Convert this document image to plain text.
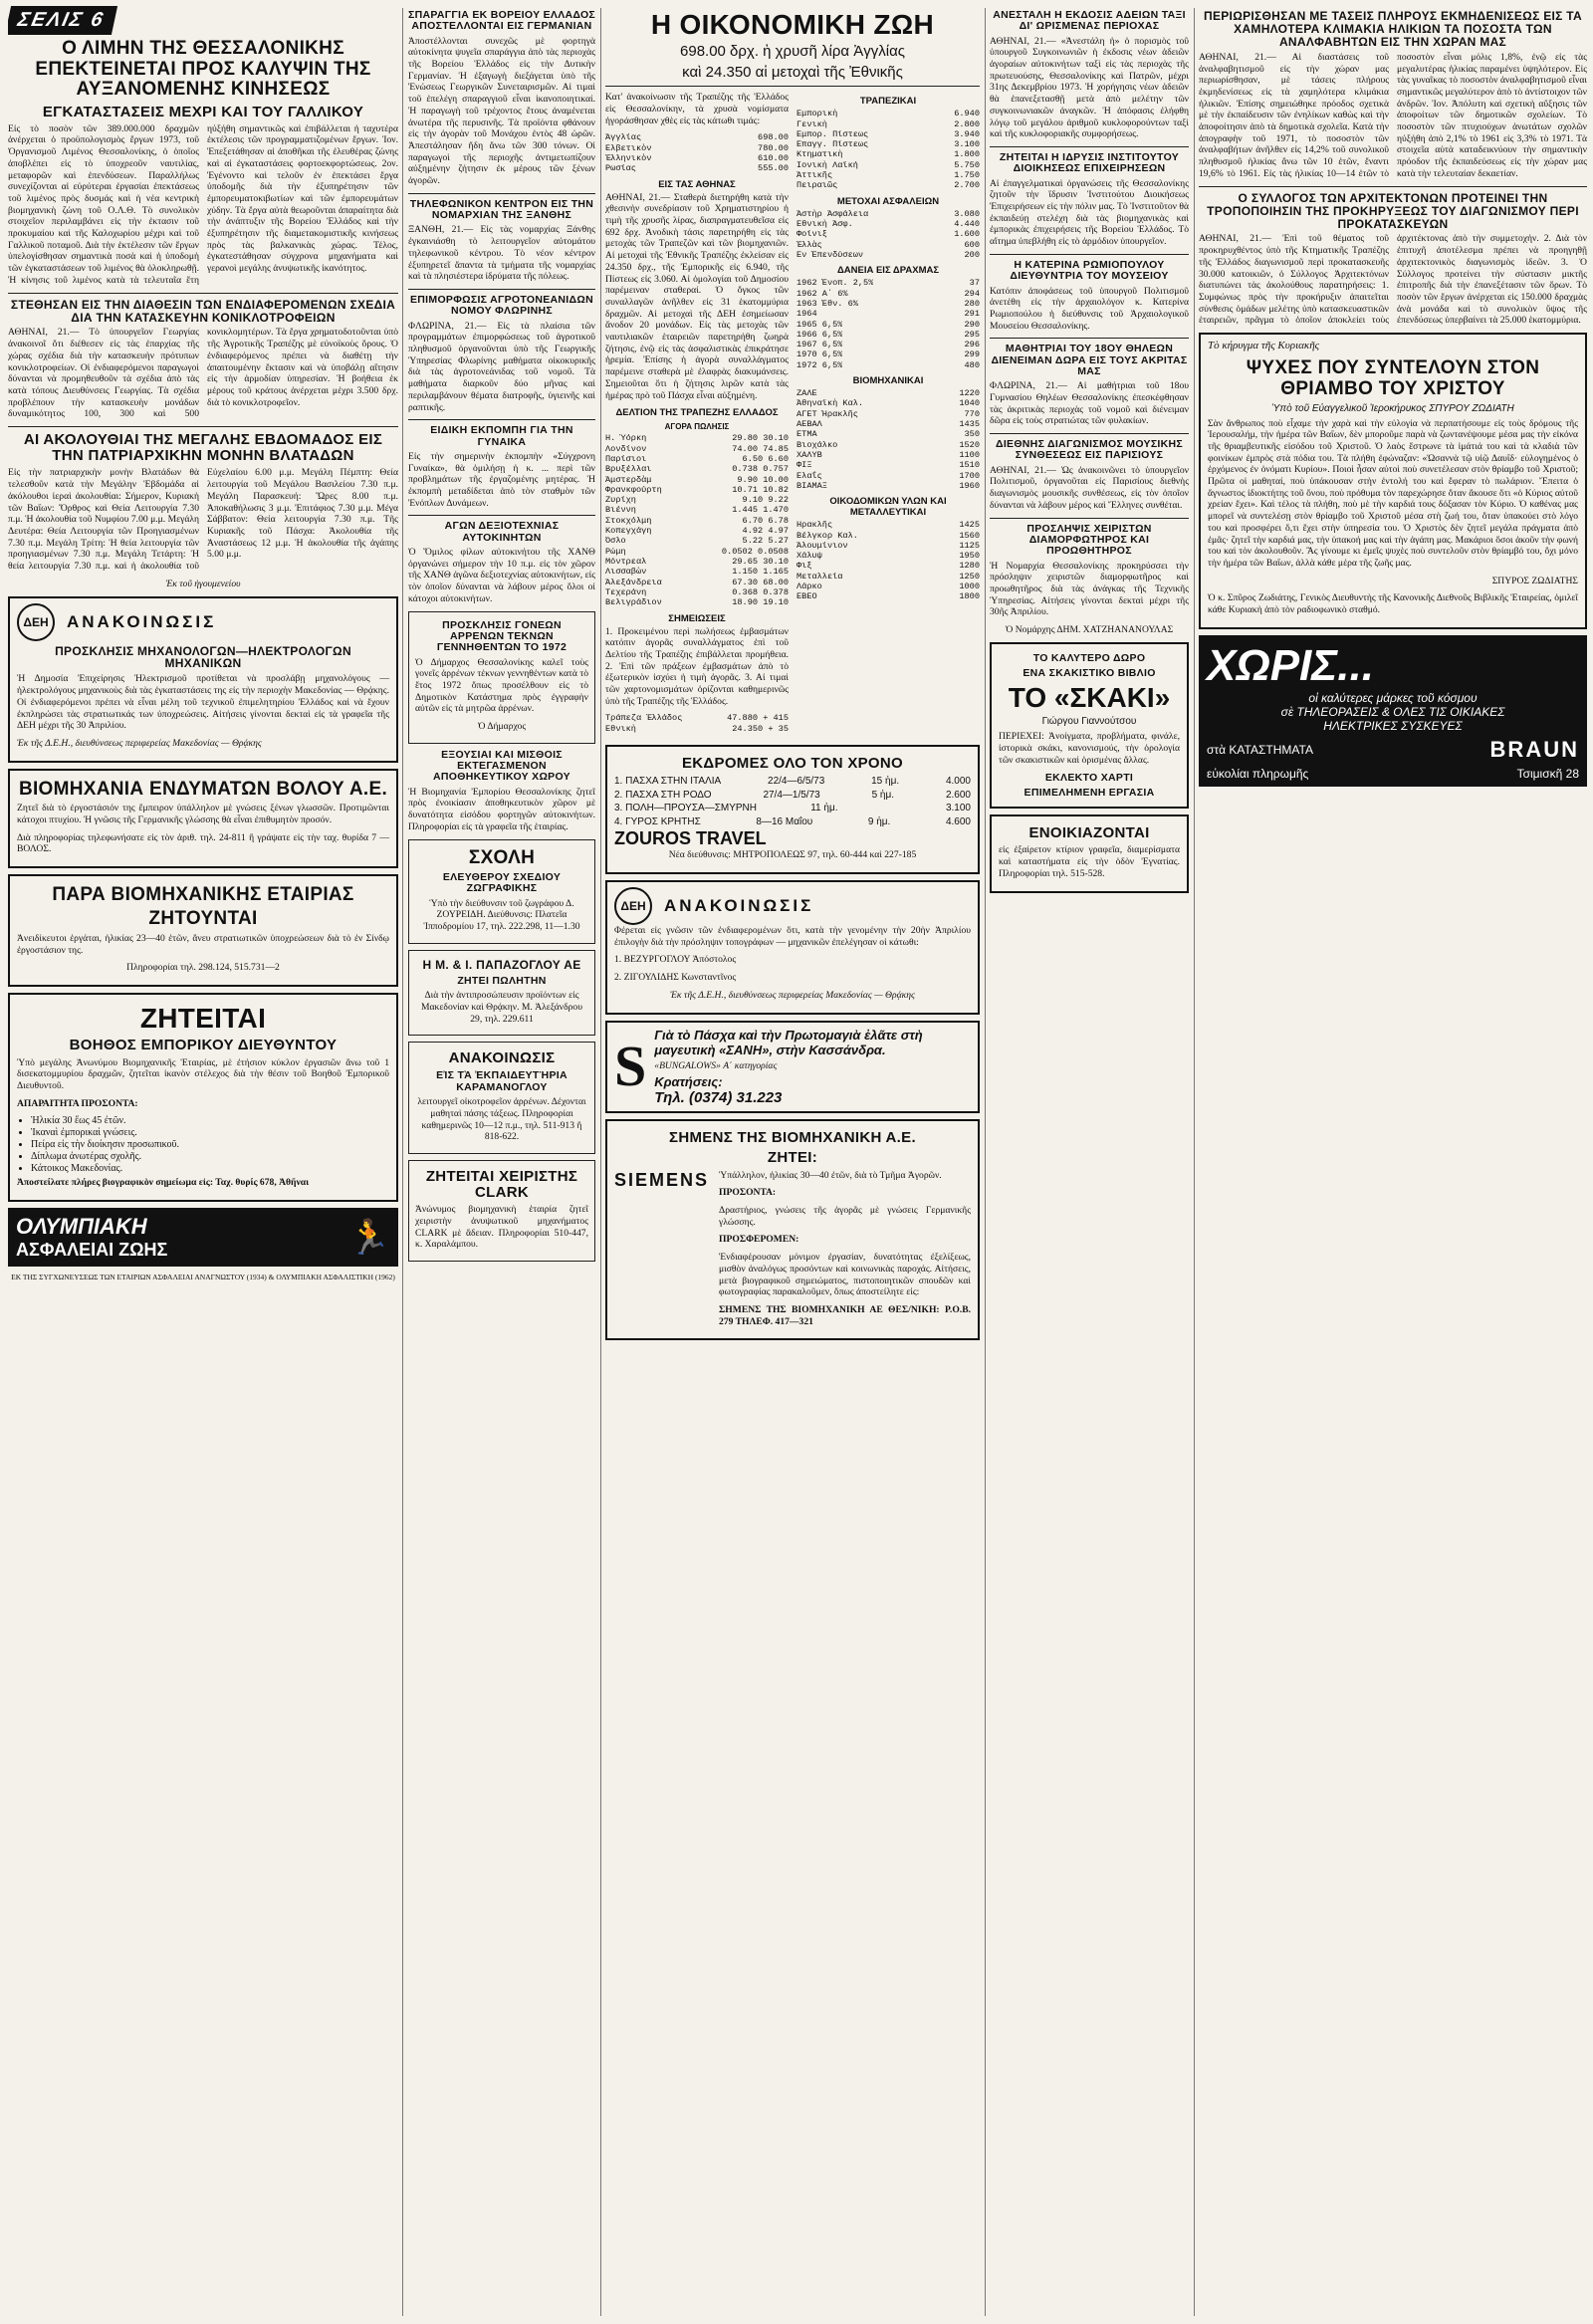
ΣΕΛΙΣ 6
Ο ΛΙΜΗΝ ΤΗΣ ΘΕΣΣΑΛΟΝΙΚΗΣ ΕΠΕΚΤΕΙΝΕΤΑΙ ΠΡΟΣ ΚΑΛΥΨΙΝ ΤΗΣ ΑΥΞΑΝΟΜΕΝΗΣ ΚΙΝΗΣΕΩΣ
ΕΓΚΑΤΑΣΤΑΣΕΙΣ ΜΕΧΡΙ ΚΑΙ ΤΟΥ ΓΑΛΛΙΚΟΥ
Εἰς τὸ ποσὸν τῶν 389.000.000 δραχμῶν ἀνέρχεται ὁ προϋπολογισμὸς ἔργων 1973, τοῦ Ὀργανισμοῦ Λιμένος Θεσσαλονίκης, ὁ ὁποῖος ἀποβλέπει εἰς τὸ ὑποχρεοῦν ναυτιλίας, μεταφορῶν καὶ ἐπενδύσεων. Παραλλήλως συνεχίζονται αἱ εὐρύτεραι ἐργασίαι ἐπεκτάσεως τοῦ λιμένος πρὸς δυσμάς καὶ ἡ νέα κεντρικὴ βιομηχανικὴ ζώνη τοῦ Ο.Λ.Θ. Τὸ συνολικὸν στοιχεῖον περιλαμβάνει εἰς τὴν ἐκτασιν τοῦ προκυμαίου καὶ τῆς Καλοχωρίου μέχρι καὶ τοῦ Γαλλικοῦ ποταμοῦ. Διὰ τὴν ἐκτέλεσιν τῶν ἔργων ὑπελογίσθησαν σημαντικὰ ποσὰ καὶ ἡ ὑποδομὴ τῶν ἐγκαταστάσεων τοῦ λιμένος θὰ ὁλοκληρωθῇ. Ἡ κίνησις τοῦ λιμένος κατὰ τὰ τελευταῖα ἔτη ηὐξήθη σημαντικῶς καὶ ἐπιβάλλεται ἡ ταχυτέρα ἐκτέλεσις τῶν προγραμματιζομένων ἔργων. Ἰον. Ἐπεξετάθησαν αἱ ἀποθῆκαι τῆς ἐλευθέρας ζώνης καὶ αἱ ἐγκαταστάσεις φορτοεκφορτώσεως. 2ον. Ἐγένοντο καὶ τελοῦν ἐν ἐπεκτάσει ἔργα ὑποδομῆς διὰ τὴν ἐξυπηρέτησιν τῶν ἐμπορευματοκιβωτίων καὶ τῶν ἐμπορευμάτων χύδην. Τὰ ἔργα αὐτὰ θεωροῦνται ἀπαραίτητα διὰ τὴν ἀνάπτυξιν τῆς Βορείου Ἑλλάδος καὶ τὴν ἐξυπηρέτησιν τῆς διαμετακομιστικῆς κινήσεως πρὸς τὰς βαλκανικὰς χώρας. Τέλος, ἐγκατεστάθησαν σύγχρονα μηχανήματα καὶ γερανοὶ μεγάλης ἀνυψωτικῆς ἱκανότητος.
ΣΤΕΘΗΣΑΝ ΕΙΣ ΤΗΝ ΔΙΑΘΕΣΙΝ ΤΩΝ ΕΝΔΙΑΦΕΡΟΜΕΝΩΝ ΣΧΕΔΙΑ ΔΙΑ ΤΗΝ ΚΑΤΑΣΚΕΥΗΝ ΚΟΝΙΚΛΟΤΡΟΦΕΙΩΝ
ΑΘΗΝΑΙ, 21.— Τὸ ὑπουργεῖον Γεωργίας ἀνακοινοῖ ὅτι διέθεσεν εἰς τὰς ἐπαρχίας τῆς χώρας σχέδια διὰ τὴν κατασκευὴν πρότυπων κονικλοτροφείων. Οἱ ἐνδιαφερόμενοι παραγωγοὶ δύνανται νὰ προμηθευθοῦν τὰ σχέδια ἀπὸ τὰς κατὰ τόπους Διευθύνσεις Γεωργίας. Τὰ σχέδια προβλέπουν τὴν κατασκευὴν μονάδων δυναμικότητος 100, 300 καὶ 500 κονικλομητέρων. Τὰ ἔργα χρηματοδοτοῦνται ὑπὸ τῆς Ἀγροτικῆς Τραπέζης μὲ εὐνοϊκοὺς ὅρους. Ὁ ἐνδιαφερόμενος πρέπει νὰ διαθέτῃ τὴν ἀπαιτουμένην ἔκτασιν καὶ νὰ ὑποβάλῃ αἴτησιν εἰς τὴν ἁρμοδίαν ὑπηρεσίαν. Ἡ βοήθεια ἐκ μέρους τοῦ κράτους ἀνέρχεται μέχρι 3.500 δρχ. διὰ τὸ κονικλοτροφεῖον.
ΑΙ ΑΚΟΛΟΥΘΙΑΙ ΤΗΣ ΜΕΓΑΛΗΣ ΕΒΔΟΜΑΔΟΣ ΕΙΣ ΤΗΝ ΠΑΤΡΙΑΡΧΙΚΗΝ ΜΟΝΗΝ ΒΛΑΤΑΔΩΝ
Εἰς τὴν πατριαρχικὴν μονὴν Βλατάδων θὰ τελεσθοῦν κατὰ τὴν Μεγάλην Ἑβδομάδα αἱ ἀκόλουθοι ἱεραὶ ἀκολουθίαι: Σήμερον, Κυριακὴ τῶν Βαΐων: Ὄρθρος καὶ Θεία Λειτουργία 7.30 π.μ. Ἡ ἀκολουθία τοῦ Νυμφίου 7.00 μ.μ. Μεγάλη Δευτέρα: Θεία Λειτουργία τῶν Προηγιασμένων 7.30 π.μ. Μεγάλη Τρίτη: Ἡ θεία λειτουργία τῶν προηγιασμένων 7.30 π.μ. Μεγάλη Τετάρτη: Ἡ θεία λειτουργία 7.30 π.μ. καὶ ἡ ἀκολουθία τοῦ Εὐχελαίου 6.00 μ.μ. Μεγάλη Πέμπτη: Θεία λειτουργία τοῦ Μεγάλου Βασιλείου 7.30 π.μ. Μεγάλη Παρασκευή: Ὥρες 8.00 π.μ. Ἀποκαθήλωσις 3 μ.μ. Ἐπιτάφιος 7.30 μ.μ. Μέγα Σάββατον: Θεία λειτουργία 7.30 π.μ. Τῆς Κυριακῆς τοῦ Πάσχα: Ἀκολουθία τῆς Ἀναστάσεως 12 μ.μ. Ἡ ἀκολουθία τῆς ἀγάπης 5.00 μ.μ.
Ἐκ τοῦ ἡγουμενείου
ΔΕΗ	ΑΝΑΚΟΙΝΩΣΙΣ
ΠΡΟΣΚΛΗΣΙΣ ΜΗΧΑΝΟΛΟΓΩΝ—ΗΛΕΚΤΡΟΛΟΓΩΝ ΜΗΧΑΝΙΚΩΝ
Ἡ Δημοσία Ἐπιχείρησις Ἠλεκτρισμοῦ προτίθεται νὰ προσλάβῃ μηχανολόγους — ἠλεκτρολόγους μηχανικοὺς διὰ τὰς ἐγκαταστάσεις της εἰς τὴν περιοχὴν Μακεδονίας — Θρᾴκης. Οἱ ἐνδιαφερόμενοι πρέπει νὰ εἶναι μέλη τοῦ τεχνικοῦ ἐπιμελητηρίου Ἑλλάδος καὶ νὰ ἔχουν ἐκπληρώσει τὰς στρατιωτικάς των ὑποχρεώσεις. Αἰτήσεις γίνονται δεκταὶ εἰς τὰ γραφεῖα τῆς ΔΕΗ μέχρι τῆς 30 Ἀπριλίου.
Ἐκ τῆς Δ.Ε.Η., διευθύνσεως περιφερείας Μακεδονίας — Θρᾴκης
ΒΙΟΜΗΧΑΝΙΑ ΕΝΔΥΜΑΤΩΝ ΒΟΛΟΥ Α.Ε.
Ζητεῖ διὰ τὸ ἐργοστάσιόν της ἔμπειρον ὑπάλληλον μὲ γνώσεις ξένων γλωσσῶν. Προτιμῶνται κάτοχοι πτυχίου. Ἡ γνῶσις τῆς Γερμανικῆς γλώσσης θὰ εἶναι ἐπιθυμητὸν προσόν.
Διὰ πληροφορίας τηλεφωνήσατε εἰς τὸν ἀριθ. τηλ. 24-811 ἢ γράψατε εἰς τὴν ταχ. θυρίδα 7 — ΒΟΛΟΣ.
ΠΑΡΑ ΒΙΟΜΗΧΑΝΙΚΗΣ ΕΤΑΙΡΙΑΣ
ΖΗΤΟΥΝΤΑΙ
Ἀνειδίκευτοι ἐργάται, ἡλικίας 23—40 ἐτῶν, ἄνευ στρατιωτικῶν ὑποχρεώσεων διὰ τὸ ἐν Σίνδῳ ἐργοστάσιον της.
Πληροφορίαι τηλ. 298.124, 515.731—2
ΖΗΤΕΙΤΑΙ
ΒΟΗΘΟΣ ΕΜΠΟΡΙΚΟΥ ΔΙΕΥΘΥΝΤΟΥ
Ὑπὸ μεγάλης Ἀνωνύμου Βιομηχανικῆς Ἑταιρίας, μὲ ἐτήσιον κύκλον ἐργασιῶν ἄνω τοῦ 1 δισεκατομμυρίου δραχμῶν, ζητεῖται ἱκανὸν στέλεχος διὰ τὴν θέσιν τοῦ Βοηθοῦ Ἐμπορικοῦ Διευθυντοῦ.
ΑΠΑΡΑΙΤΗΤΑ ΠΡΟΣΟΝΤΑ:
• Ἡλικία 30 ἕως 45 ἐτῶν.
• Ἱκαναὶ ἐμπορικαὶ γνώσεις.
• Πείρα εἰς τὴν διοίκησιν προσωπικοῦ.
• Δίπλωμα ἀνωτέρας σχολῆς.
• Κάτοικος Μακεδονίας.
Ἀποστείλατε πλήρες βιογραφικὸν σημείωμα εἰς: Ταχ. θυρίς 678, Ἀθῆναι
ΟΛΥΜΠΙΑΚΗ
ΑΣΦΑΛΕΙΑΙ ΖΩΗΣ	🏃
ΕΚ ΤΗΣ ΣΥΓΧΩΝΕΥΣΕΩΣ ΤΩΝ ΕΤΑΙΡΙΩΝ ΑΣΦΑΛΕΙΑΙ ΑΝΑΓΝΩΣΤΟΥ (1934) & ΟΛΥΜΠΙΑΚΗ ΑΣΦΑΛΙΣΤΙΚΗ (1962)
ΣΠΑΡΑΓΓΙΑ ΕΚ ΒΟΡΕΙΟΥ ΕΛΛΑΔΟΣ ΑΠΟΣΤΕΛΛΟΝΤΑΙ ΕΙΣ ΓΕΡΜΑΝΙΑΝ
Ἀποστέλλονται συνεχῶς μὲ φορτηγὰ αὐτοκίνητα ψυγεῖα σπαράγγια ἀπὸ τὰς περιοχὰς τῆς Βορείου Ἑλλάδος εἰς τὴν Δυτικὴν Γερμανίαν. Ἡ ἐξαγωγὴ διεξάγεται ὑπὸ τῆς Ἑνώσεως Γεωργικῶν Συνεταιρισμῶν. Αἱ τιμαὶ τοῦ ἐπελέγη σπαραγγιοῦ εἶναι ἱκανοποιητικαί. Ἡ παραγωγὴ τοῦ τρέχοντος ἔτους ἀναμένεται ἀνωτέρα τῆς περυσινῆς. Τὰ προϊόντα φθάνουν εἰς τὴν ἀγορὰν τοῦ Μονάχου ἐντὸς 48 ὡρῶν. Ἀπεστάλησαν ἤδη ἄνω τῶν 300 τόνων. Οἱ παραγωγοὶ τῆς περιοχῆς ἀντιμετωπίζουν αὐξημένην ζήτησιν ἐκ μέρους τῶν ξένων ἀγορῶν.
ΤΗΛΕΦΩΝΙΚΟΝ ΚΕΝΤΡΟΝ ΕΙΣ ΤΗΝ ΝΟΜΑΡΧΙΑΝ ΤΗΣ ΞΑΝΘΗΣ
ΞΑΝΘΗ, 21.— Εἰς τὰς νομαρχίας Ξάνθης ἐγκαινιάσθη τὸ λειτουργεῖον αὐτομάτου τηλεφωνικοῦ κέντρου. Τὸ νέον κέντρον ἐξυπηρετεῖ ἅπαντα τὰ τμήματα τῆς νομαρχίας καὶ τὰ πλησιέστερα ἰδρύματα τῆς πόλεως.
ΕΠΙΜΟΡΦΩΣΙΣ ΑΓΡΟΤΟΝΕΑΝΙΔΩΝ ΝΟΜΟΥ ΦΛΩΡΙΝΗΣ
ΦΛΩΡΙΝΑ, 21.— Εἰς τὰ πλαίσια τῶν προγραμμάτων ἐπιμορφώσεως τοῦ ἀγροτικοῦ πληθυσμοῦ ὀργανοῦνται ὑπὸ τῆς Γεωργικῆς Ὑπηρεσίας Φλωρίνης μαθήματα οἰκοκυρικῆς διὰ τὰς ἀγροτονεάνιδας τοῦ νομοῦ. Τὰ μαθήματα διαρκοῦν δύο μῆνας καὶ περιλαμβάνουν θέματα διατροφῆς, ὑγιεινῆς καὶ ραπτικῆς.
ΕΙΔΙΚΗ ΕΚΠΟΜΠΗ ΓΙΑ ΤΗΝ ΓΥΝΑΙΚΑ
Εἰς τὴν σημερινὴν ἐκπομπὴν «Σύγχρονη Γυναίκα», θὰ ὁμιλήσῃ ἡ κ. ... περὶ τῶν προβλημάτων τῆς ἐργαζομένης μητέρας. Ἡ ἐκπομπὴ μεταδίδεται ἀπὸ τὸν σταθμὸν τῶν Ἐνόπλων Δυνάμεων.
ΑΓΩΝ ΔΕΞΙΟΤΕΧΝΙΑΣ ΑΥΤΟΚΙΝΗΤΩΝ
Ὁ Ὅμιλος φίλων αὐτοκινήτου τῆς ΧΑΝΘ ὀργανώνει σήμερον τὴν 10 π.μ. εἰς τὸν χῶρον τῆς ΧΑΝΘ ἀγῶνα δεξιοτεχνίας αὐτοκινήτων, εἰς τὸν ὁποῖον δύνανται νὰ λάβουν μέρος ὅλοι οἱ κάτοχοι αὐτοκινήτων.
ΠΡΟΣΚΛΗΣΙΣ ΓΟΝΕΩΝ ΑΡΡΕΝΩΝ ΤΕΚΝΩΝ ΓΕΝΝΗΘΕΝΤΩΝ ΤΟ 1972
Ὁ Δήμαρχος Θεσσαλονίκης καλεῖ τοὺς γονεῖς ἀρρένων τέκνων γεννηθέντων κατὰ τὸ ἔτος 1972 ὅπως προσέλθουν εἰς τὸ Δημοτικὸν Κατάστημα πρὸς ἐγγραφὴν αὐτῶν εἰς τὰ μητρῶα ἀρρένων.
Ὁ Δήμαρχος
ΕΞΟΥΣΙΑΙ ΚΑΙ ΜΙΣΘΟΙΣ ΕΚΤΕΓΑΣΜΕΝΟΝ ΑΠΟΘΗΚΕΥΤΙΚΟΥ ΧΩΡΟΥ
Ἡ Βιομηχανία Ἐμπορίου Θεσσαλονίκης ζητεῖ πρὸς ἐνοικίασιν ἀποθηκευτικὸν χῶρον μὲ δυνατότητα εἰσόδου φορτηγῶν αὐτοκινήτων. Πληροφορίαι εἰς τὰ γραφεῖα τῆς ἑταιρίας.
ΣΧΟΛΗ
ΕΛΕΥΘΕΡΟΥ ΣΧΕΔΙΟΥ ΖΩΓΡΑΦΙΚΗΣ
Ὑπὸ τὴν διεύθυνσιν τοῦ ζωγράφου Δ. ΖΟΥΡΕΙΔΗ. Διεύθυνσις: Πλατεῖα Ἱπποδρομίου 17, τηλ. 222.298, 11—1.30
Η Μ. & Ι. ΠΑΠΑΖΟΓΛΟΥ ΑΕ
ΖΗΤΕΙ ΠΩΛΗΤΗΝ
Διὰ τὴν ἀντιπροσώπευσιν προϊόντων εἰς Μακεδονίαν καὶ Θρᾴκην. Μ. Ἀλεξάνδρου 29, τηλ. 229.611
ΑΝΑΚΟΙΝΩΣΙΣ
ΕἸΣ ΤᾺ ἘΚΠΑΙΔΕΥΤΉΡΙΑ ΚΑΡΑΜΑΝΟΓΛΟΥ
λειτουργεῖ οἰκοτροφεῖον ἀρρένων. Δέχονται μαθηταὶ πάσης τάξεως. Πληροφορίαι καθημερινῶς 10—12 π.μ., τηλ. 511-913 ἢ 818-622.
ΖΗΤΕΙΤΑΙ ΧΕΙΡΙΣΤΗΣ CLARK
Ἀνώνυμος βιομηχανικὴ ἑταιρία ζητεῖ χειριστὴν ἀνυψωτικοῦ μηχανήματος CLARK μὲ ἄδειαν. Πληροφορίαι 510-447, κ. Χαραλάμπου.
Η ΟΙΚΟΝΟΜΙΚΗ ΖΩΗ
698.00 δρχ. ἡ χρυσῆ λίρα Ἀγγλίας
καὶ 24.350 αἱ μετοχαὶ τῆς Ἐθνικῆς
Κατ' ἀνακοίνωσιν τῆς Τραπέζης τῆς Ἑλλάδος εἰς Θεσσαλονίκην, τὰ χρυσὰ νομίσματα ἠγοράσθησαν χθὲς εἰς τὰς κάτωθι τιμάς:
Ἀγγλίας	698.00
Ἐλβετικὸν	780.00
Ἑλληνικὸν	610.00
Ρωσίας	555.00
ΕΙΣ ΤΑΣ ΑΘΗΝΑΣ
ΑΘΗΝΑΙ, 21.— Σταθερὰ διετηρήθη κατὰ τὴν χθεσινὴν συνεδρίασιν τοῦ Χρηματιστηρίου ἡ τιμὴ τῆς χρυσῆς λίρας, διαπραγματευθεῖσα εἰς 692 δρχ. Ἀνοδικὴ τάσις παρετηρήθη εἰς τὰς μετοχὰς τῶν Τραπεζῶν καὶ τῶν βιομηχανιῶν. Αἱ μετοχαὶ τῆς Ἐθνικῆς Τραπέζης ἐκλείσαν εἰς 24.350 δρχ., τῆς Ἐμπορικῆς εἰς 6.940, τῆς Πίστεως εἰς 3.060. Αἱ ὁμολογίαι τοῦ Δημοσίου παρέμειναν σταθεραί. Ὁ ὄγκος τῶν συναλλαγῶν ἀνῆλθεν εἰς 31 ἑκατομμύρια δραχμῶν. Αἱ μετοχαὶ τῆς ΔΕΗ ἐσημείωσαν ἄνοδον 20 μονάδων. Εἰς τὰς μετοχὰς τῶν ναυτιλιακῶν ἑταιρειῶν παρετηρήθη ζωηρὰ ζήτησις, ἐνῷ εἰς τὰς ἀσφαλιστικὰς ἐπικράτησε ἠρεμία. Ἐπίσης ἡ ἀγορὰ συναλλάγματος παρέμεινε σταθερὰ μὲ ἐλαφρὰς διακυμάνσεις. Σημειοῦται ὅτι ἡ ζήτησις λιρῶν κατὰ τὰς ἡμέρας πρὸ τοῦ Πάσχα εἶναι αὐξημένη.
ΔΕΛΤΙΟΝ ΤΗΣ ΤΡΑΠΕΖΗΣ ΕΛΛΑΔΟΣ
ΑΓΟΡΑ ΠΩΛΗΣΙΣ
Η. Ὑόρκη	29.80 30.10
Λονδίνον	74.00 74.85
Παρίσιοι	6.50 6.60
Βρυξέλλαι	0.738 0.757
Ἀμστερδὰμ	9.90 10.00
Φρανκφούρτη	10.71 10.82
Ζυρίχη	9.10 9.22
Βιέννη	1.445 1.470
Στοκχόλμη	6.70 6.78
Κοπεγχάγη	4.92 4.97
Ὄσλο	5.22 5.27
Ρώμη	0.0502 0.0508
Μόντρεαλ	29.65 30.10
Λισσαβὼν	1.150 1.165
Ἀλεξάνδρεια	67.30 68.00
Τεχεράνη	0.368 0.378
Βελιγράδιον	18.90 19.10
ΣΗΜΕΙΩΣΕΙΣ
1. Προκειμένου περὶ πωλήσεως ἐμβασμάτων κατόπιν ἀγορᾶς συναλλάγματος ἐπὶ τοῦ Δελτίου τῆς Τραπέζης ἐπιβάλλεται προμήθεια. 2. Ἐπὶ τῶν πράξεων ἐμβασμάτων ἀπὸ τὸ ἐξωτερικὸν ἰσχύει ἡ τιμὴ ἀγορᾶς. 3. Αἱ τιμαὶ τῶν χαρτονομισμάτων ὁρίζονται καθημερινῶς ὑπὸ τῆς Τραπέζης τῆς Ἑλλάδος.
Τράπεζα Ἑλλάδος	47.880 + 415
Ἐθνικὴ	24.350 + 35
ΤΡΑΠΕΖΙΚΑΙ
Ἐμπορικὴ	6.940
Γενικὴ	2.800
Ἐμπορ. Πίστεως	3.940
Ἐπαγγ. Πίστεως	3.100
Κτηματικὴ	1.800
Ἰονικὴ Λαϊκή	5.750
Ἀττικῆς	1.750
Πειραιῶς	2.700
ΜΕΤΟΧΑΙ ΑΣΦΑΛΕΙΩΝ
Ἀστὴρ Ἀσφάλεια	3.080
Ἐθνικὴ Ἀσφ.	4.440
Φοίνιξ	1.600
Ἑλλὰς	600
Ἐν Ἐπενδύσεων	200
ΔΑΝΕΙΑ ΕΙΣ ΔΡΑΧΜΑΣ
1962 Ἐνοπ. 2,5%	37
1962 Α΄ 6%	294
1963 Ἐθν. 6%	280
1964	291
1965 6,5%	290
1966 6,5%	295
1967 6,5%	296
1970 6,5%	299
1972 6,5%	480
ΒΙΟΜΗΧΑΝΙΚΑΙ
ΖΑΛΕ	1220
Ἀθηναϊκὴ Καλ.	1040
ΑΓΕΤ Ἡρακλῆς	770
ΑΕΒΑΛ	1435
ΕΤΜΑ	350
Βιοχάλκο	1520
ΧΑΛΥΒ	1100
ΦΙΞ	1510
Ἐλαΐς	1700
ΒΙΑΜΑΞ	1960
ΟΙΚΟΔΟΜΙΚΩΝ ΥΛΩΝ ΚΑΙ ΜΕΤΑΛΛΕΥΤΙΚΑΙ
Ἡρακλῆς	1425
Βέλγκορ Καλ.	1560
Ἀλουμίνιον	1125
Χάλυψ	1950
Φιξ	1280
Μεταλλεία	1250
Λάρκο	1000
ΕΒΕΟ	1800
ΕΚΔΡΟΜΕΣ ΟΛΟ ΤΟΝ ΧΡΟΝΟ
1. ΠΑΣΧΑ ΣΤΗΝ ΙΤΑΛΙΑ	22/4—6/5/73	15 ἡμ.	4.000
2. ΠΑΣΧΑ ΣΤΗ ΡΟΔΟ	27/4—1/5/73	5 ἡμ.	2.600
3. ΠΟΛΗ—ΠΡΟΥΣΑ—ΣΜΥΡΝΗ	11 ἡμ.	3.100
4. ΓΥΡΟΣ ΚΡΗΤΗΣ	8—16 Μαΐου	9 ἡμ.	4.600
ZOUROS TRAVEL
Νέα διεύθυνσις: ΜΗΤΡΟΠΟΛΕΩΣ 97, τηλ. 60-444 καὶ 227-185
ΔΕΗ	ΑΝΑΚΟΙΝΩΣΙΣ
Φέρεται εἰς γνῶσιν τῶν ἐνδιαφερομένων ὅτι, κατὰ τὴν γενομένην τὴν 20ὴν Ἀπριλίου ἐπιλογὴν διὰ τὴν πρόσληψιν τοπογράφων — μηχανικῶν ἐπελέγησαν οἱ κάτωθι:
1. ΒΕΖΥΡΓΟΓΛΟΥ Ἀπόστολος
2. ΖΙΓΟΥΛΙΔΗΣ Κωνσταντῖνος
Ἐκ τῆς Δ.Ε.Η., διευθύνσεως περιφερείας Μακεδονίας — Θρᾴκης
S Γιὰ τὸ Πάσχα καὶ τὴν Πρωτομαγιὰ ἐλᾶτε στὴ μαγευτικὴ «ΣΑΝΗ», στὴν Κασσάνδρα.
«BUNGALOWS» Α΄ κατηγορίας
Κρατήσεις:
Τηλ. (0374) 31.223
ΣΗΜΕΝΣ ΤΗΣ ΒΙΟΜΗΧΑΝΙΚΗ Α.Ε.
ΖΗΤΕΙ:
SIEMENS Ὑπάλληλον, ἡλικίας 30—40 ἐτῶν, διὰ τὸ Τμῆμα Ἀγορῶν.
ΠΡΟΣΟΝΤΑ:
Δραστήριος, γνώσεις τῆς ἀγορᾶς μὲ γνώσεις Γερμανικῆς γλώσσης.
ΠΡΟΣΦΕΡΟΜΕΝ:
Ἐνδιαφέρουσαν μόνιμον ἐργασίαν, δυνατότητας ἐξελίξεως, μισθὸν ἀναλόγως προσόντων καὶ κοινωνικὰς παροχάς. Αἰτήσεις, μετὰ βιογραφικοῦ σημειώματος, πιστοποιητικῶν σπουδῶν καὶ φωτογραφίας παρακαλοῦμεν, ὅπως ἀποστείλητε εἰς:
ΣΗΜΕΝΣ ΤΗΣ ΒΙΟΜΗΧΑΝΙΚΗ ΑΕ ΘΕΣ/ΝΙΚΗ: Ρ.Ο.Β. 279 ΤΗΛΕΦ. 417—321
ΑΝΕΣΤΑΛΗ Η ΕΚΔΟΣΙΣ ΑΔΕΙΩΝ ΤΑΞΙ ΔΙ' ΩΡΙΣΜΕΝΑΣ ΠΕΡΙΟΧΑΣ
ΑΘΗΝΑΙ, 21.— «Ἀνεστάλη ἡ» ὁ πορισμὸς τοῦ ὑπουργοῦ Συγκοινωνιῶν ἡ ἐκδοσις νέων ἀδειῶν ἀγοραίων αὐτοκινήτων ταξὶ εἰς τὰς περιοχὰς τῆς πρωτευούσης, Θεσσαλονίκης καὶ Πατρῶν, μέχρι 31ης Δεκεμβρίου 1973. Ἡ χορήγησις νέων ἀδειῶν θὰ ἐπανεξετασθῇ μετὰ ἀπὸ μελέτην τῶν συγκοινωνιακῶν ἀναγκῶν. Ἡ ἀπόφασις ἐλήφθη λόγῳ τοῦ μεγάλου ἀριθμοῦ κυκλοφορούντων ταξὶ καὶ τῆς κυκλοφοριακῆς συμφορήσεως.
ΖΗΤΕΙΤΑΙ Η ΙΔΡΥΣΙΣ ΙΝΣΤΙΤΟΥΤΟΥ ΔΙΟΙΚΗΣΕΩΣ ΕΠΙΧΕΙΡΗΣΕΩΝ
Αἱ ἐπαγγελματικαὶ ὀργανώσεις τῆς Θεσσαλονίκης ζητοῦν τὴν ἵδρυσιν Ἰνστιτούτου Διοικήσεως Ἐπιχειρήσεων εἰς τὴν πόλιν μας. Τὸ Ἰνστιτοῦτον θὰ ἐκπαιδεύῃ στελέχη διὰ τὰς βιομηχανικὰς καὶ ἐμπορικὰς ἐπιχειρήσεις τῆς Βορείου Ἑλλάδος. Τὸ αἴτημα ὑπεβλήθη εἰς τὸ ἁρμόδιον ὑπουργεῖον.
Η ΚΑΤΕΡΙΝΑ ΡΩΜΙΟΠΟΥΛΟΥ ΔΙΕΥΘΥΝΤΡΙΑ ΤΟΥ ΜΟΥΣΕΙΟΥ
Κατόπιν ἀποφάσεως τοῦ ὑπουργοῦ Πολιτισμοῦ ἀνετέθη εἰς τὴν ἀρχαιολόγον κ. Κατερίνα Ρωμιοπούλου ἡ διεύθυνσις τοῦ Ἀρχαιολογικοῦ Μουσείου Θεσσαλονίκης.
ΜΑΘΗΤΡΙΑΙ ΤΟΥ 18ΟΥ ΘΗΛΕΩΝ ΔΙΕΝΕΙΜΑΝ ΔΩΡΑ ΕΙΣ ΤΟΥΣ ΑΚΡΙΤΑΣ ΜΑΣ
ΦΛΩΡΙΝΑ, 21.— Αἱ μαθήτριαι τοῦ 18ου Γυμνασίου Θηλέων Θεσσαλονίκης ἐπεσκέφθησαν τὰς ἀκριτικὰς περιοχὰς τοῦ νομοῦ καὶ διένειμαν δῶρα εἰς τοὺς στρατιώτας τῶν φυλακίων.
ΔΙΕΘΝΗΣ ΔΙΑΓΩΝΙΣΜΟΣ ΜΟΥΣΙΚΗΣ ΣΥΝΘΕΣΕΩΣ ΕΙΣ ΠΑΡΙΣΙΟΥΣ
ΑΘΗΝΑΙ, 21.— Ὡς ἀνακοινῶνει τὸ ὑπουργεῖον Πολιτισμοῦ, ὀργανοῦται εἰς Παρισίους διεθνὴς διαγωνισμὸς μουσικῆς συνθέσεως, εἰς τὸν ὁποῖον δύνανται νὰ λάβουν μέρος καὶ Ἕλληνες συνθέται.
ΠΡΟΣΛΗΨΙΣ ΧΕΙΡΙΣΤΩΝ ΔΙΑΜΟΡΦΩΤΗΡΟΣ ΚΑΙ ΠΡΟΩΘΗΤΗΡΟΣ
Ἡ Νομαρχία Θεσσαλονίκης προκηρύσσει τὴν πρόσληψιν χειριστῶν διαμορφωτῆρος καὶ προωθητῆρος διὰ τὰς ἀνάγκας τῆς Τεχνικῆς Ὑπηρεσίας. Αἰτήσεις γίνονται δεκταὶ μέχρι τῆς 30ῆς Ἀπριλίου.
Ὁ Νομάρχης ΔΗΜ. ΧΑΤΖΗΑΝΑΝΟΥΛΑΣ
ΤΟ ΚΑΛΥΤΕΡΟ ΔΩΡΟ
ΕΝΑ ΣΚΑΚΙΣΤΙΚΟ ΒΙΒΛΙΟ
ΤΟ «ΣΚΑΚΙ»
Γιώργου Γιαννούτσου
ΠΕΡΙΕΧΕΙ: Ἀνοίγματα, προβλήματα, φινάλε, ἱστορικὰ σκάκι, κανονισμούς, τὴν ὁρολογία τῶν σκακιστικῶν καὶ ὁρισμένας ἄλλας.
ΕΚΛΕΚΤΟ ΧΑΡΤΙ
ΕΠΙΜΕΛΗΜΕΝΗ ΕΡΓΑΣΙΑ
ΕΝΟΙΚΙΑΖΟΝΤΑΙ
εἰς ἐξαίρετον κτίριον γραφεῖα, διαμερίσματα καὶ καταστήματα εἰς τὴν ὁδὸν Ἐγνατίας. Πληροφορίαι τηλ. 515-528.
ΠΕΡΙΩΡΙΣΘΗΣΑΝ ΜΕ ΤΑΣΕΙΣ ΠΛΗΡΟΥΣ ΕΚΜΗΔΕΝΙΣΕΩΣ ΕΙΣ ΤΑ ΧΑΜΗΛΟΤΕΡΑ ΚΛΙΜΑΚΙΑ ΗΛΙΚΙΩΝ ΤΑ ΠΟΣΟΣΤΑ ΤΩΝ ΑΝΑΛΦΑΒΗΤΩΝ ΕΙΣ ΤΗΝ ΧΩΡΑΝ ΜΑΣ
ΑΘΗΝΑΙ, 21.— Αἱ διαστάσεις τοῦ ἀναλφαβητισμοῦ εἰς τὴν χώραν μας περιωρίσθησαν, μὲ τάσεις πλήρους ἐκμηδενίσεως εἰς τὰ χαμηλότερα κλιμάκια ἡλικιῶν. Ἐπίσης σημειώθηκε πρόοδος σχετικὰ μὲ τὴν ἐκπαίδευσιν τῶν ἐνηλίκων καθὼς καὶ τὴν ἀποφοίτησιν ἀπὸ τὰ δημοτικὰ σχολεῖα. Κατὰ τὴν ἀπογραφὴν τοῦ 1971, τὸ ποσοστὸν τῶν ἀναλφαβήτων ἀνῆλθεν εἰς 14,2% τοῦ συνολικοῦ πληθυσμοῦ ἡλικίας ἄνω τῶν 10 ἐτῶν, ἔναντι 19,6% τὸ 1961. Εἰς τὰς ἡλικίας 10—14 ἐτῶν τὸ ποσοστὸν εἶναι μόλις 1,8%, ἐνῷ εἰς τὰς μεγαλυτέρας ἡλικίας παραμένει ὑψηλότερον. Εἰς τὰς γυναῖκας τὸ ποσοστὸν ἀναλφαβητισμοῦ εἶναι σημαντικῶς μεγαλύτερον ἀπὸ τὸ ἀντίστοιχον τῶν ἀνδρῶν. Ἰον. Ἀπόλυτη καὶ σχετικὴ αὔξησις τῶν ἀποφοίτων τῶν δημοτικῶν σχολείων. Τὸ ποσοστὸν τῶν πτυχιούχων ἀνωτάτων σχολῶν ηὐξήθη ἀπὸ 2,1% τὸ 1961 εἰς 3,3% τὸ 1971. Τὰ στοιχεῖα αὐτὰ καταδεικνύουν τὴν σημαντικὴν πρόοδον τῆς ἐκπαιδεύσεως εἰς τὴν χώραν μας κατὰ τὴν τελευταίαν δεκαετίαν.
Ο ΣΥΛΛΟΓΟΣ ΤΩΝ ΑΡΧΙΤΕΚΤΟΝΩΝ ΠΡΟΤΕΙΝΕΙ ΤΗΝ ΤΡΟΠΟΠΟΙΗΣΙΝ ΤΗΣ ΠΡΟΚΗΡΥΞΕΩΣ ΤΟΥ ΔΙΑΓΩΝΙΣΜΟΥ ΠΕΡΙ ΠΡΟΚΑΤΑΣΚΕΥΩΝ
ΑΘΗΝΑΙ, 21.— Ἐπὶ τοῦ θέματος τοῦ προκηρυχθέντος ὑπὸ τῆς Κτηματικῆς Τραπέζης τῆς Ἑλλάδος διαγωνισμοῦ περὶ προκατασκευῆς 30.000 κατοικιῶν, ὁ Σύλλογος Ἀρχιτεκτόνων διατυπώνει τὰς ἀκολούθους παρατηρήσεις: 1. Συμφώνως πρὸς τὴν προκήρυξιν ἀπαιτεῖται σύνθεσις ὁμάδων μελέτης ὑπὸ κατασκευαστικῶν ἑταιρειῶν, πρᾶγμα τὸ ὁποῖον ἀποκλείει τοὺς ἀρχιτέκτονας ἀπὸ τὴν συμμετοχήν. 2. Διὰ τὸν ἐπιτυχῆ ἀποτέλεσμα πρέπει νὰ προηγηθῇ ἀρχιτεκτονικὸς διαγωνισμὸς ἰδεῶν. 3. Ὁ Σύλλογος προτείνει τὴν σύστασιν μικτῆς ἐπιτροπῆς διὰ τὴν ἐπανεξέτασιν τῶν ὅρων. Τὸ ποσὸν τῶν ἔργων ἀνέρχεται εἰς 150.000 δραχμὰς ἀνὰ μονάδα καὶ τὸ συνολικὸν ὕψος τῆς ἐπενδύσεως ὑπερβαίνει τὰ 25.000 ἑκατομμύρια.
Τὸ κήρυγμα τῆς Κυριακῆς
ΨΥΧΕΣ ΠΟΥ ΣΥΝΤΕΛΟΥΝ ΣΤΟΝ ΘΡΙΑΜΒΟ ΤΟΥ ΧΡΙΣΤΟΥ
Ὑπὸ τοῦ Εὐαγγελικοῦ Ἱεροκήρυκος ΣΠΥΡΟΥ ΖΩΔΙΑΤΗ
Σὰν ἄνθρωπος ποὺ εἶχαμε τὴν χαρὰ καὶ τὴν εὐλογία νὰ περπατήσουμε εἰς τοὺς δρόμους τῆς Ἱερουσαλήμ, τὴν ἡμέρα τῶν Βαΐων, δὲν μποροῦμε παρὰ νὰ ζωντανέψουμε μέσα μας τὴν εἰκόνα τῆς θριαμβευτικῆς εἰσόδου τοῦ Χριστοῦ. Ὁ λαὸς ἔστρωνε τὰ ἱμάτιά του καὶ τὰ κλαδιὰ τῶν φοινίκων ἐμπρὸς στὰ πόδια του. Τὰ πλήθη ἐφώναζαν: «Ὡσαννὰ τῷ υἱῷ Δαυΐδ· εὐλογημένος ὁ ἐρχόμενος ἐν ὀνόματι Κυρίου». Ποιοὶ ἦσαν αὐτοὶ ποὺ συνετέλεσαν στὸν θρίαμβο τοῦ Χριστοῦ; Πρῶτα οἱ μαθηταί, ποὺ ὑπάκουσαν στὴν ἐντολή του καὶ ἔφεραν τὸ πωλάριον. Ἔπειτα ὁ ἄγνωστος ἰδιοκτήτης τοῦ ὄνου, ποὺ πρόθυμα τὸν παρεχώρησε ὅταν ἄκουσε ὅτι «ὁ Κύριος αὐτοῦ χρείαν ἔχει». Καὶ τέλος τὰ πλήθη, ποὺ μὲ τὴν καρδιά τους δόξασαν τὸν Κύριο. Ὁ καθένας μας μπορεῖ νὰ συντελέσῃ στὸν θρίαμβο τοῦ Χριστοῦ μέσα στὴ ζωή του, ὅταν ὑπακούει στὸ λόγο του καὶ προσφέρει ὅ,τι ἔχει στὴν ὑπηρεσία του. Ὁ Χριστὸς δὲν ζητεῖ μεγάλα πράγματα ἀπὸ ἐμᾶς· ζητεῖ τὴν καρδιά μας, τὴν ὑπακοή μας καὶ τὴν ἀγάπη μας. Μακάριοι ὅσοι ἀκοῦν τὴν φωνή του καὶ τὸν ἀκολουθοῦν. Ἂς γίνουμε κι ἐμεῖς ψυχὲς ποὺ συντελοῦν στὸν θρίαμβό του, ὄχι μόνο τὴν ἡμέρα τῶν Βαΐων, ἀλλὰ κάθε μέρα τῆς ζωῆς μας.
ΣΠΥΡΟΣ ΖΩΔΙΑΤΗΣ
Ὁ κ. Σπῦρος Ζωδιάτης, Γενικὸς Διευθυντὴς τῆς Κανονικῆς Διεθνοῦς Βιβλικῆς Ἑταιρείας, ὁμιλεῖ κάθε Κυριακὴ ἀπὸ τὸν ραδιοφωνικὸ σταθμό.
ΧΩΡΙΣ...
οἱ καλύτερες μάρκες τοῦ κόσμου
σὲ ΤΗΛΕΟΡΑΣΕΙΣ & ΟΛΕΣ ΤΙΣ ΟΙΚΙΑΚΕΣ
ΗΛΕΚΤΡΙΚΕΣ ΣΥΣΚΕΥΕΣ
στὰ ΚΑΤΑΣΤΗΜΑΤΑ	BRAUN
εὐκολίαι πληρωμῆς	Τσιμισκῆ 28
